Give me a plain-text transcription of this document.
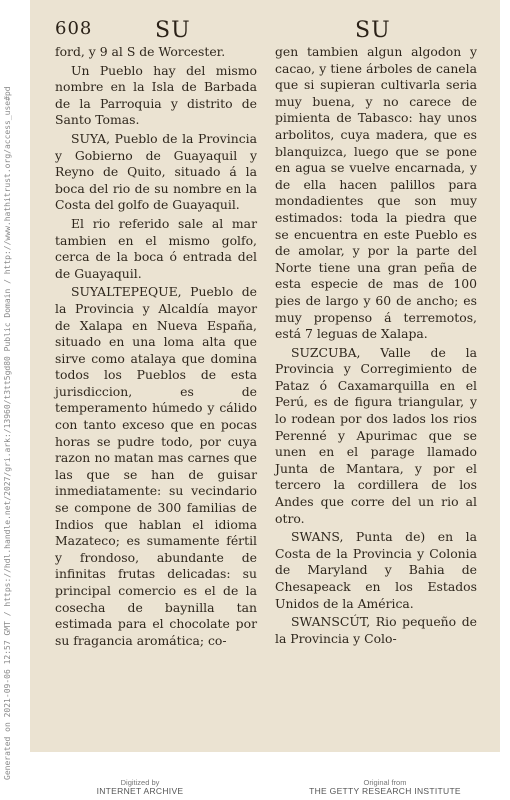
Generated on 2021-09-06 12:57 GMT / https://hdl.handle.net/2027/gri.ark:/13960/t3tt5gd80 Public Domain / http://www.hathitrust.org/access_use#pd
608	SU	SU

ford, y 9 al S de Worcester.

Un Pueblo hay del mismo nombre en la Isla de Barbada de la Parroquia y distrito de Santo Tomas.

SUYA, Pueblo de la Provincia y Gobierno de Guayaquil y Reyno de Quito, situado á la boca del rio de su nombre en la Costa del golfo de Guayaquil.

El rio referido sale al mar tambien en el mismo golfo, cerca de la boca ó entrada del de Guayaquil.

SUYALTEPEQUE, Pueblo de la Provincia y Alcaldía mayor de Xalapa en Nueva España, situado en una loma alta que sirve como atalaya que domina todos los Pueblos de esta jurisdiccion, es de temperamento húmedo y cálido con tanto exceso que en pocas horas se pudre todo, por cuya razon no matan mas carnes que las que se han de guisar inmediatamente: su vecindario se compone de 300 familias de Indios que hablan el idioma Mazateco; es sumamente fértil y frondoso, abundante de infinitas frutas delicadas: su principal comercio es el de la cosecha de baynilla tan estimada para el chocolate por su fragancia aromática; co-

gen tambien algun algodon y cacao, y tiene árboles de canela que si supieran cultivarla seria muy buena, y no carece de pimienta de Tabasco: hay unos arbolitos, cuya madera, que es blanquizca, luego que se pone en agua se vuelve encarnada, y de ella hacen palillos para mondadientes que son muy estimados: toda la piedra que se encuentra en este Pueblo es de amolar, y por la parte del Norte tiene una gran peña de esta especie de mas de 100 pies de largo y 60 de ancho; es muy propenso á terremotos, está 7 leguas de Xalapa.

SUZCUBA, Valle de la Provincia y Corregimiento de Pataz ó Caxamarquilla en el Perú, es de figura triangular, y lo rodean por dos lados los rios Perenné y Apurimac que se unen en el parage llamado Junta de Mantara, y por el tercero la cordillera de los Andes que corre del un rio al otro.

SWANS, Punta de) en la Costa de la Provincia y Colonia de Maryland y Bahia de Chesapeack en los Estados Unidos de la América.

SWANSCÚT, Rio pequeño de la Provincia y Colo-

Digitized by
INTERNET ARCHIVE
Original from
THE GETTY RESEARCH INSTITUTE
